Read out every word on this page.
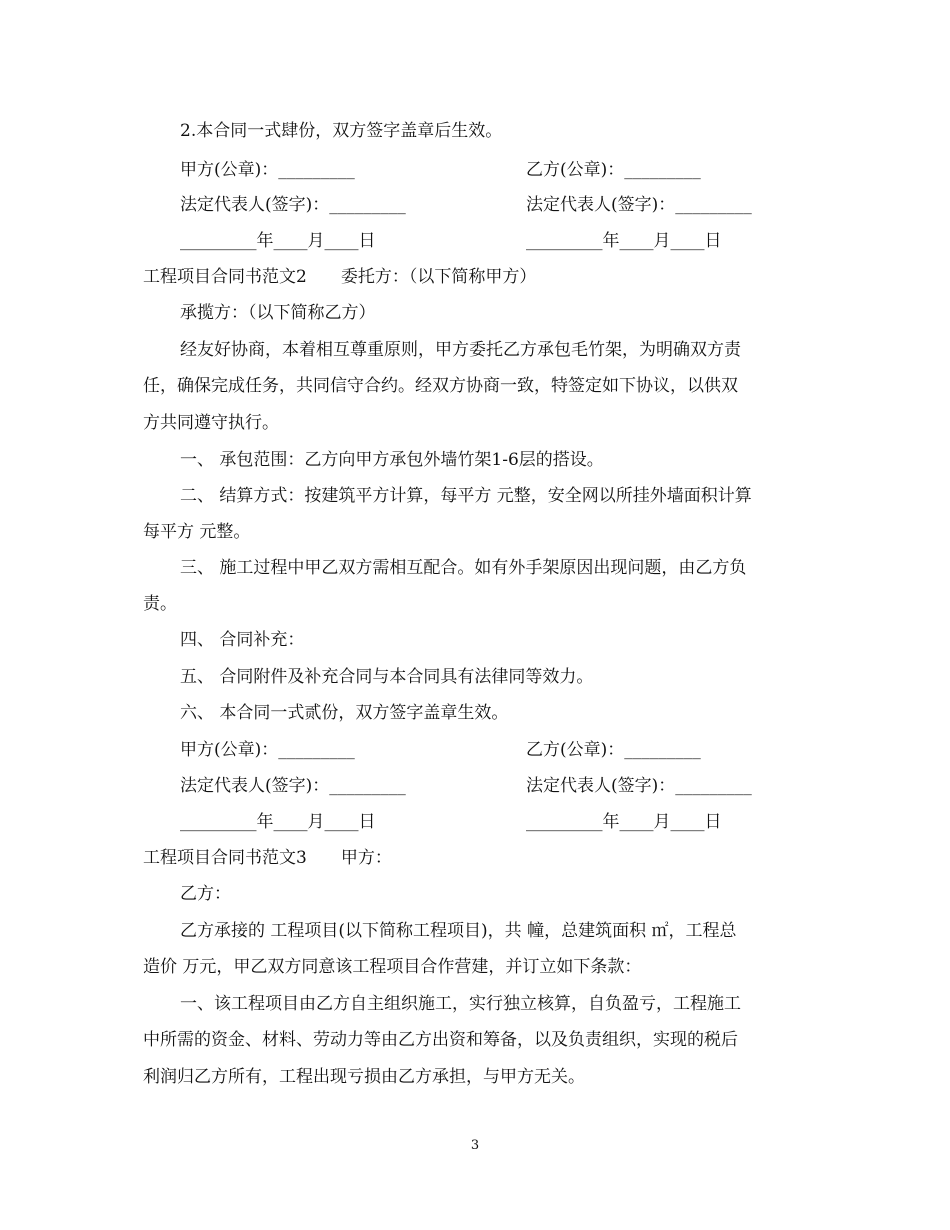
2.本合同一式肆份，双方签字盖章后生效。
甲方(公章)：_________	乙方(公章)：_________
法定代表人(签字)：_________	法定代表人(签字)：_________
_________年____月____日	_________年____月____日
工程项目合同书范文2　　委托方：（以下简称甲方）
承揽方：（以下简称乙方）
经友好协商，本着相互尊重原则，甲方委托乙方承包毛竹架，为明确双方责
任，确保完成任务，共同信守合约。经双方协商一致，特签定如下协议，以供双
方共同遵守执行。
一、 承包范围：乙方向甲方承包外墙竹架1-6层的搭设。
二、 结算方式：按建筑平方计算，每平方 元整，安全网以所挂外墙面积计算
每平方 元整。
三、 施工过程中甲乙双方需相互配合。如有外手架原因出现问题，由乙方负
责。
四、 合同补充：
五、 合同附件及补充合同与本合同具有法律同等效力。
六、 本合同一式贰份，双方签字盖章生效。
甲方(公章)：_________	乙方(公章)：_________
法定代表人(签字)：_________	法定代表人(签字)：_________
_________年____月____日	_________年____月____日
工程项目合同书范文3　　甲方：
乙方：
乙方承接的 工程项目(以下简称工程项目)，共 幢，总建筑面积 ㎡，工程总
造价 万元，甲乙双方同意该工程项目合作营建，并订立如下条款：
一、该工程项目由乙方自主组织施工，实行独立核算，自负盈亏，工程施工
中所需的资金、材料、劳动力等由乙方出资和筹备，以及负责组织，实现的税后
利润归乙方所有，工程出现亏损由乙方承担，与甲方无关。
3
